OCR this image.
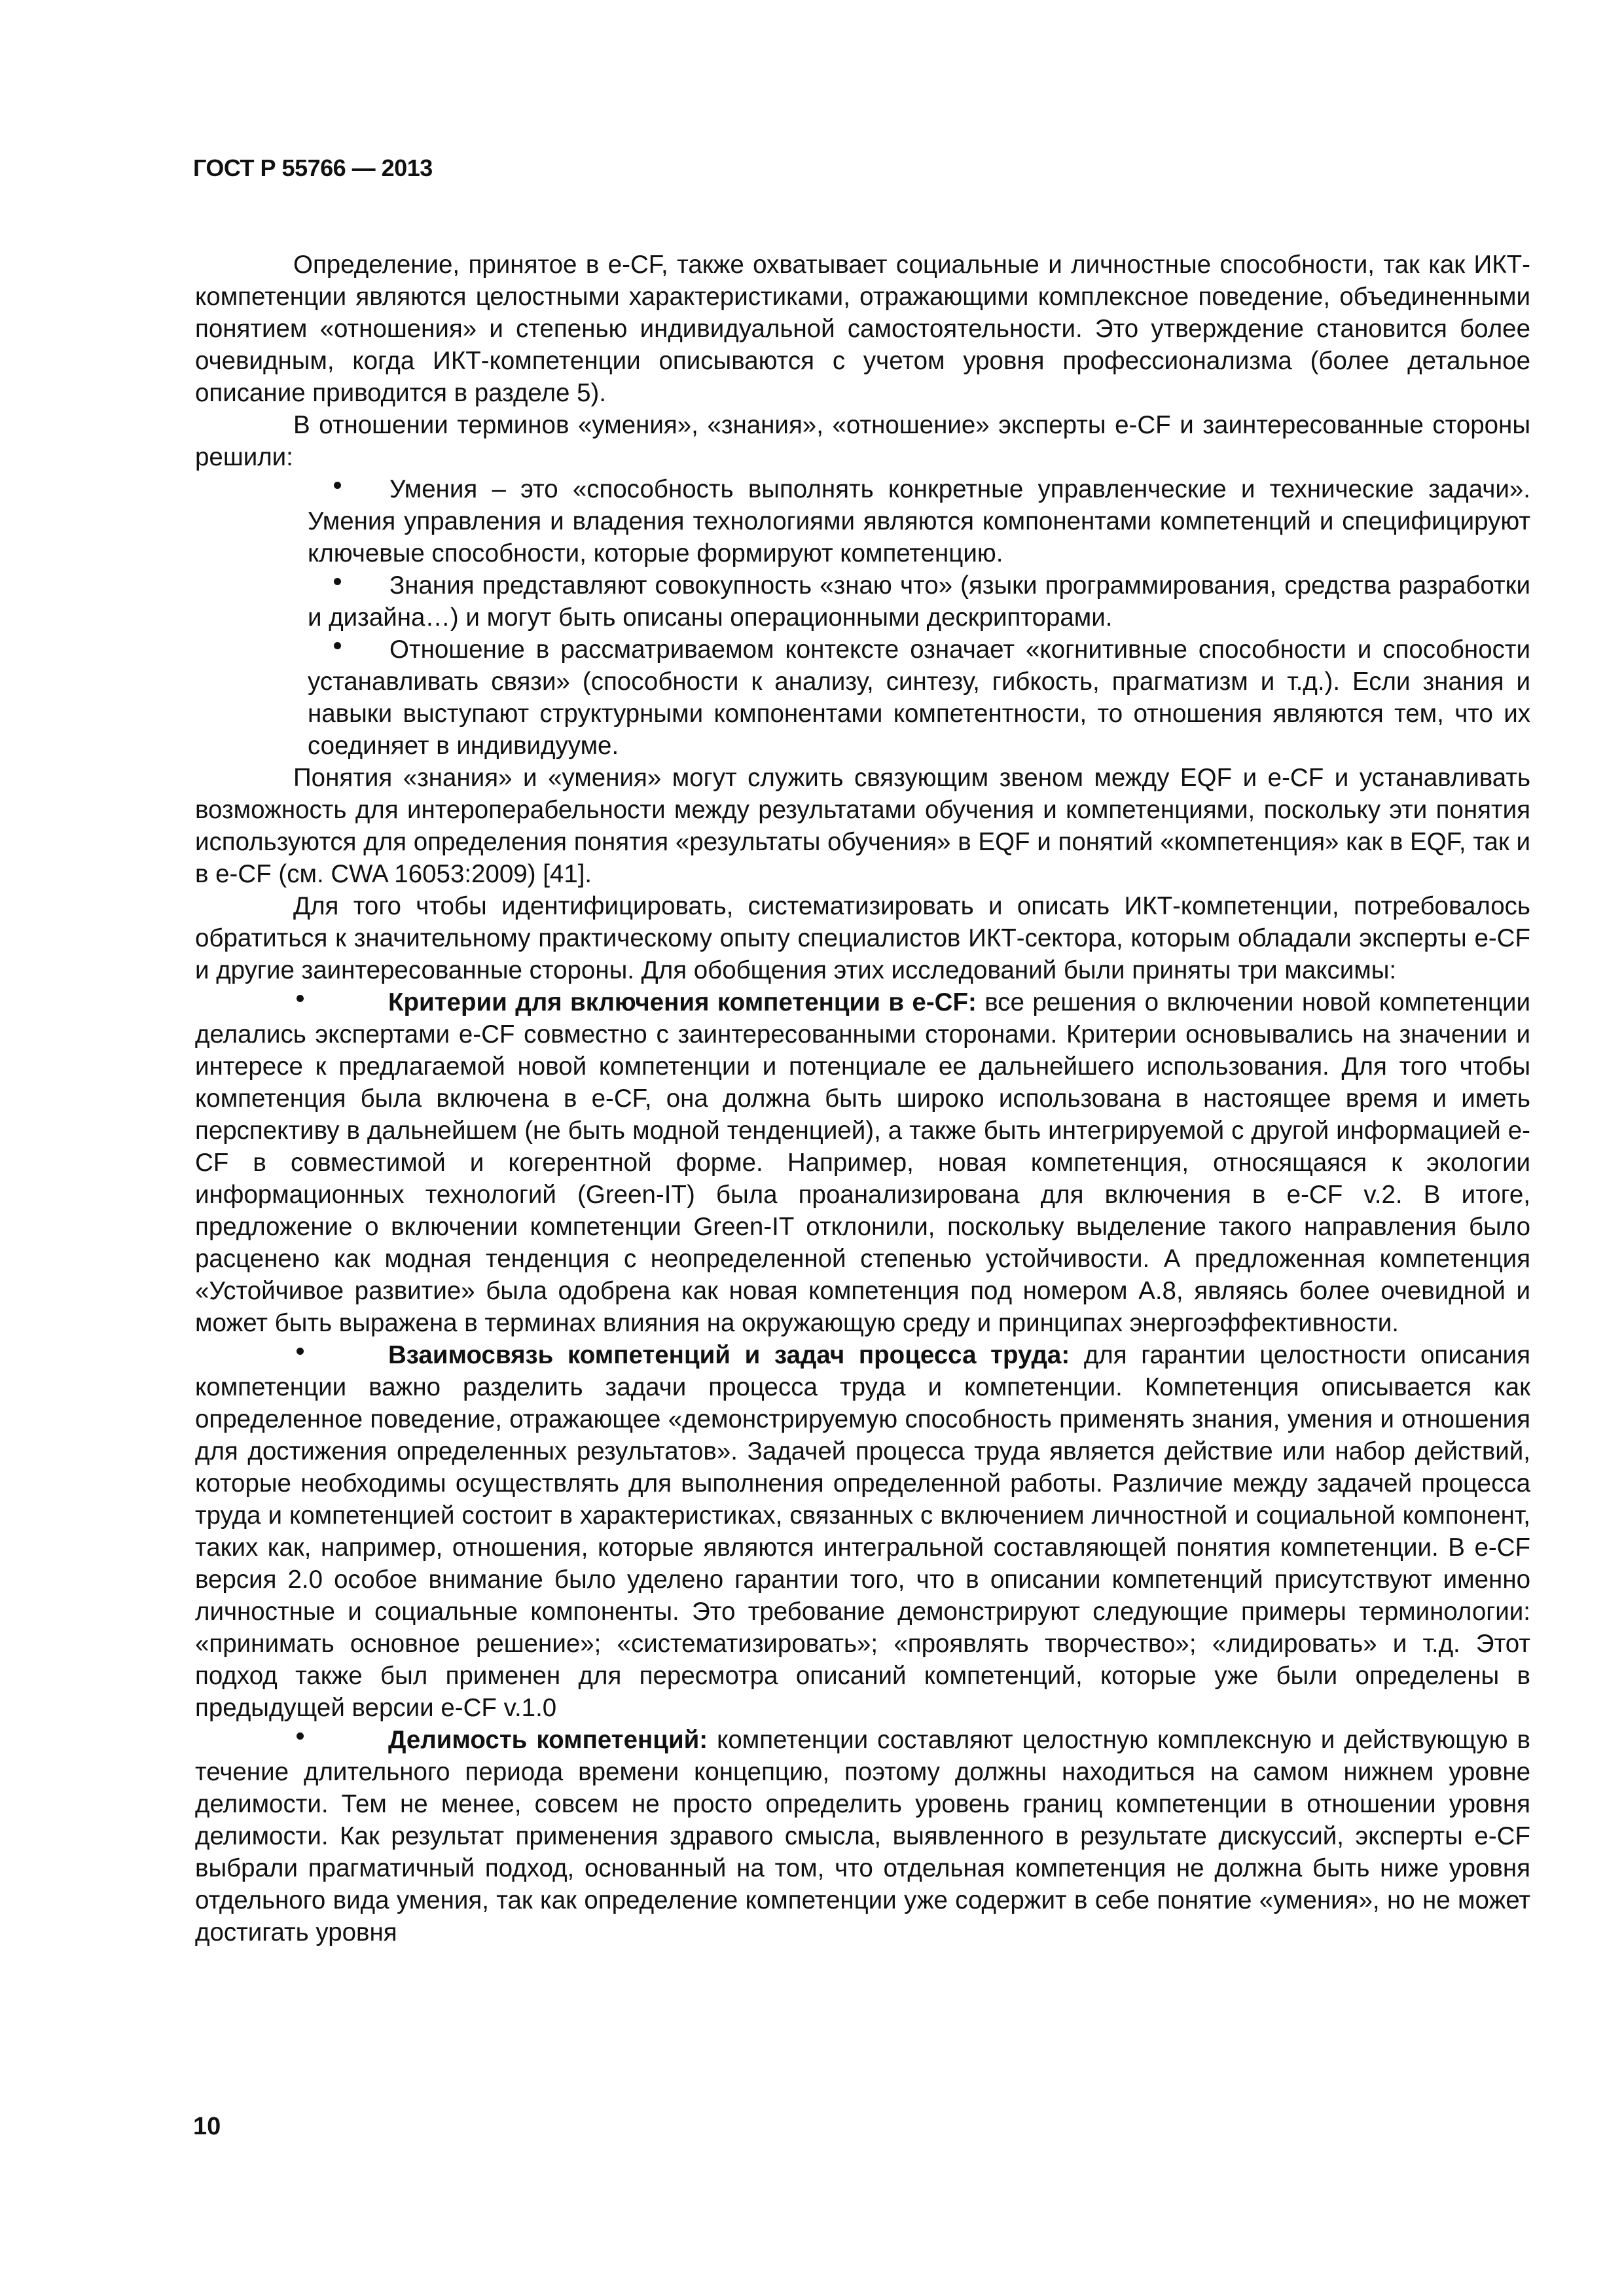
ГОСТ Р 55766 — 2013

Определение, принятое в e-CF, также охватывает социальные и личностные способности, так как ИКТ-компетенции являются целостными характеристиками, отражающими комплексное поведение, объединенными понятием «отношения» и степенью индивидуальной самостоятельности. Это утверждение становится более очевидным, когда ИКТ-компетенции описываются с учетом уровня профессионализма (более детальное описание приводится в разделе 5).

В отношении терминов «умения», «знания», «отношение» эксперты e-CF и заинтересованные стороны решили:

Умения – это «способность выполнять конкретные управленческие и технические задачи». Умения управления и владения технологиями являются компонентами компетенций и специфицируют ключевые способности, которые формируют компетенцию.
Знания представляют совокупность «знаю что» (языки программирования, средства разработки и дизайна…) и могут быть описаны операционными дескрипторами.
Отношение в рассматриваемом контексте означает «когнитивные способности и способности устанавливать связи» (способности к анализу, синтезу, гибкость, прагматизм и т.д.). Если знания и навыки выступают структурными компонентами компетентности, то отношения являются тем, что их соединяет в индивидууме.

Понятия «знания» и «умения» могут служить связующим звеном между EQF и e-CF и устанавливать возможность для интероперабельности между результатами обучения и компетенциями, поскольку эти понятия используются для определения понятия «результаты обучения» в EQF и понятий «компетенция» как в EQF, так и в e-CF (см. CWA 16053:2009) [41].

Для того чтобы идентифицировать, систематизировать и описать ИКТ-компетенции, потребовалось обратиться к значительному практическому опыту специалистов ИКТ-сектора, которым обладали эксперты e-CF и другие заинтересованные стороны. Для обобщения этих исследований были приняты три максимы:

Критерии для включения компетенции в e-CF: все решения о включении новой компетенции делались экспертами e-CF совместно с заинтересованными сторонами. Критерии основывались на значении и интересе к предлагаемой новой компетенции и потенциале ее дальнейшего использования. Для того чтобы компетенция была включена в e-CF, она должна быть широко использована в настоящее время и иметь перспективу в дальнейшем (не быть модной тенденцией), а также быть интегрируемой с другой информацией e-CF в совместимой и когерентной форме. Например, новая компетенция, относящаяся к экологии информационных технологий (Green-IT) была проанализирована для включения в e-CF v.2. В итоге, предложение о включении компетенции Green-IT отклонили, поскольку выделение такого направления было расценено как модная тенденция с неопределенной степенью устойчивости. А предложенная компетенция «Устойчивое развитие» была одобрена как новая компетенция под номером A.8, являясь более очевидной и может быть выражена в терминах влияния на окружающую среду и принципах энергоэффективности.
Взаимосвязь компетенций и задач процесса труда: для гарантии целостности описания компетенции важно разделить задачи процесса труда и компетенции. Компетенция описывается как определенное поведение, отражающее «демонстрируемую способность применять знания, умения и отношения для достижения определенных результатов». Задачей процесса труда является действие или набор действий, которые необходимы осуществлять для выполнения определенной работы. Различие между задачей процесса труда и компетенцией состоит в характеристиках, связанных с включением личностной и социальной компонент, таких как, например, отношения, которые являются интегральной составляющей понятия компетенции. В e-CF версия 2.0 особое внимание было уделено гарантии того, что в описании компетенций присутствуют именно личностные и социальные компоненты. Это требование демонстрируют следующие примеры терминологии: «принимать основное решение»; «систематизировать»; «проявлять творчество»; «лидировать» и т.д. Этот подход также был применен для пересмотра описаний компетенций, которые уже были определены в предыдущей версии e-CF v.1.0
Делимость компетенций: компетенции составляют целостную комплексную и действующую в течение длительного периода времени концепцию, поэтому должны находиться на самом нижнем уровне делимости. Тем не менее, совсем не просто определить уровень границ компетенции в отношении уровня делимости. Как результат применения здравого смысла, выявленного в результате дискуссий, эксперты e-CF выбрали прагматичный подход, основанный на том, что отдельная компетенция не должна быть ниже уровня отдельного вида умения, так как определение компетенции уже содержит в себе понятие «умения», но не может достигать уровня
10
